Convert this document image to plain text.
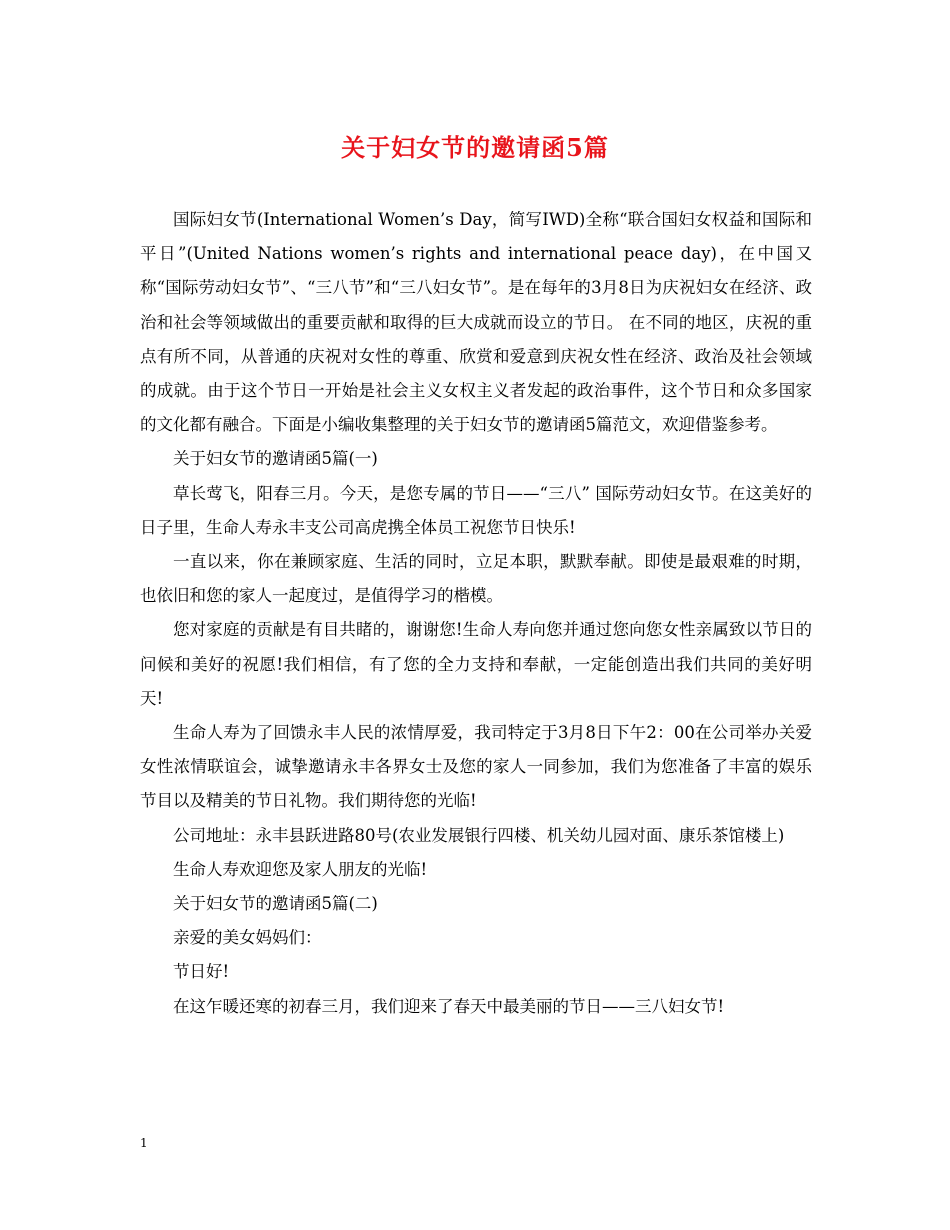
关于妇女节的邀请函5篇

国际妇女节(International Women’s Day，简写IWD)全称“联合国妇女权益和国际和平日”(United Nations women’s rights and international peace day)，在中国又称“国际劳动妇女节”、“三八节”和“三八妇女节”。是在每年的3月8日为庆祝妇女在经济、政治和社会等领域做出的重要贡献和取得的巨大成就而设立的节日。 在不同的地区，庆祝的重点有所不同，从普通的庆祝对女性的尊重、欣赏和爱意到庆祝女性在经济、政治及社会领域的成就。由于这个节日一开始是社会主义女权主义者发起的政治事件，这个节日和众多国家的文化都有融合。下面是小编收集整理的关于妇女节的邀请函5篇范文，欢迎借鉴参考。

关于妇女节的邀请函5篇(一)

草长莺飞，阳春三月。今天，是您专属的节日——“三八” 国际劳动妇女节。在这美好的日子里，生命人寿永丰支公司高虎携全体员工祝您节日快乐!

一直以来，你在兼顾家庭、生活的同时，立足本职，默默奉献。即使是最艰难的时期，也依旧和您的家人一起度过，是值得学习的楷模。

您对家庭的贡献是有目共睹的，谢谢您!生命人寿向您并通过您向您女性亲属致以节日的问候和美好的祝愿!我们相信，有了您的全力支持和奉献，一定能创造出我们共同的美好明天!

生命人寿为了回馈永丰人民的浓情厚爱，我司特定于3月8日下午2：00在公司举办关爱女性浓情联谊会，诚挚邀请永丰各界女士及您的家人一同参加，我们为您准备了丰富的娱乐节目以及精美的节日礼物。我们期待您的光临!

公司地址：永丰县跃进路80号(农业发展银行四楼、机关幼儿园对面、康乐茶馆楼上)

生命人寿欢迎您及家人朋友的光临!

关于妇女节的邀请函5篇(二)

亲爱的美女妈妈们：

节日好!

在这乍暖还寒的初春三月，我们迎来了春天中最美丽的节日——三八妇女节!

1
